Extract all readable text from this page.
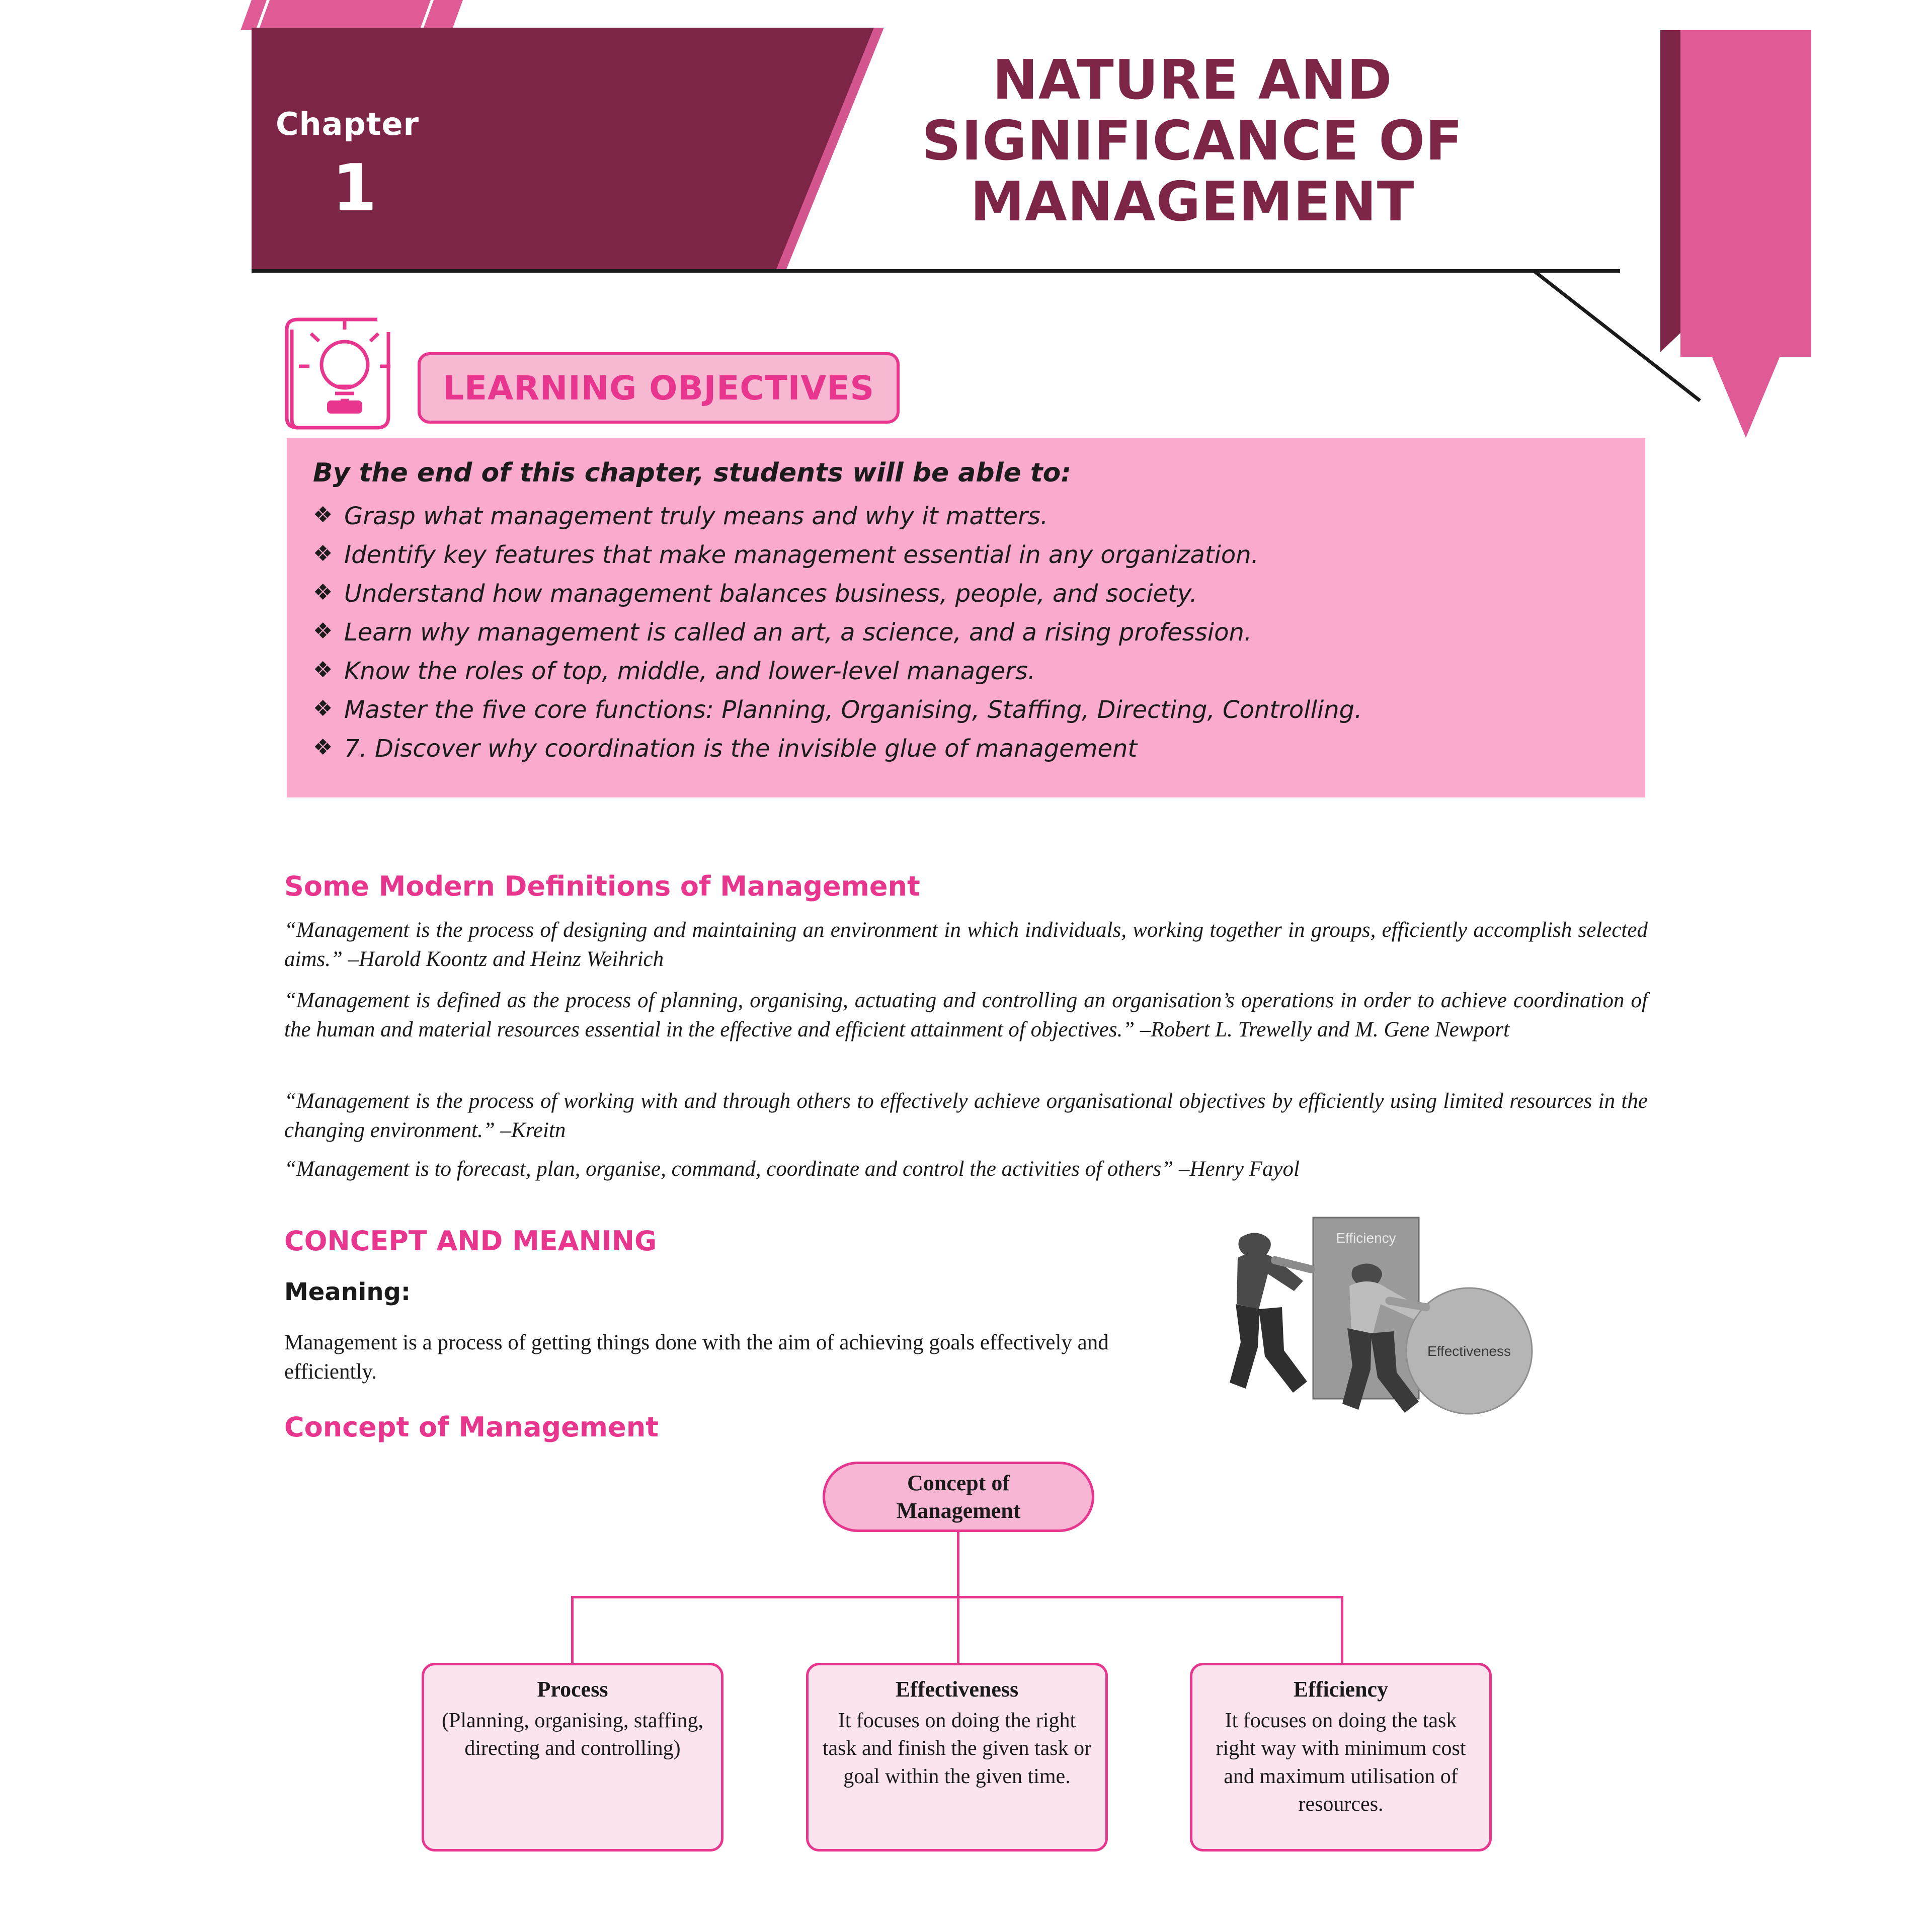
Chapter
1
NATURE AND SIGNIFICANCE OF MANAGEMENT
LEARNING OBJECTIVES
By the end of this chapter, students will be able to:
❖ Grasp what management truly means and why it matters.
❖ Identify key features that make management essential in any organization.
❖ Understand how management balances business, people, and society.
❖ Learn why management is called an art, a science, and a rising profession.
❖ Know the roles of top, middle, and lower-level managers.
❖ Master the five core functions: Planning, Organising, Staffing, Directing, Controlling.
❖ 7. Discover why coordination is the invisible glue of management
Some Modern Definitions of Management
“Management is the process of designing and maintaining an environment in which individuals, working together in groups, efficiently accomplish selected aims.” –Harold Koontz and Heinz Weihrich
“Management is defined as the process of planning, organising, actuating and controlling an organisation’s operations in order to achieve coordination of the human and material resources essential in the effective and efficient attainment of objectives.” –Robert L. Trewelly and M. Gene Newport
“Management is the process of working with and through others to effectively achieve organisational objectives by efficiently using limited resources in the changing environment.” –Kreitn
“Management is to forecast, plan, organise, command, coordinate and control the activities of others” –Henry Fayol
CONCEPT AND MEANING
Meaning:
Management is a process of getting things done with the aim of achieving goals effectively and efficiently.
Concept of Management
Efficiency
Effectiveness
Concept of
Management
Process
(Planning, organising, staffing, directing and controlling)
Effectiveness
It focuses on doing the right task and finish the given task or goal within the given time.
Efficiency
It focuses on doing the task right way with minimum cost and maximum utilisation of resources.
